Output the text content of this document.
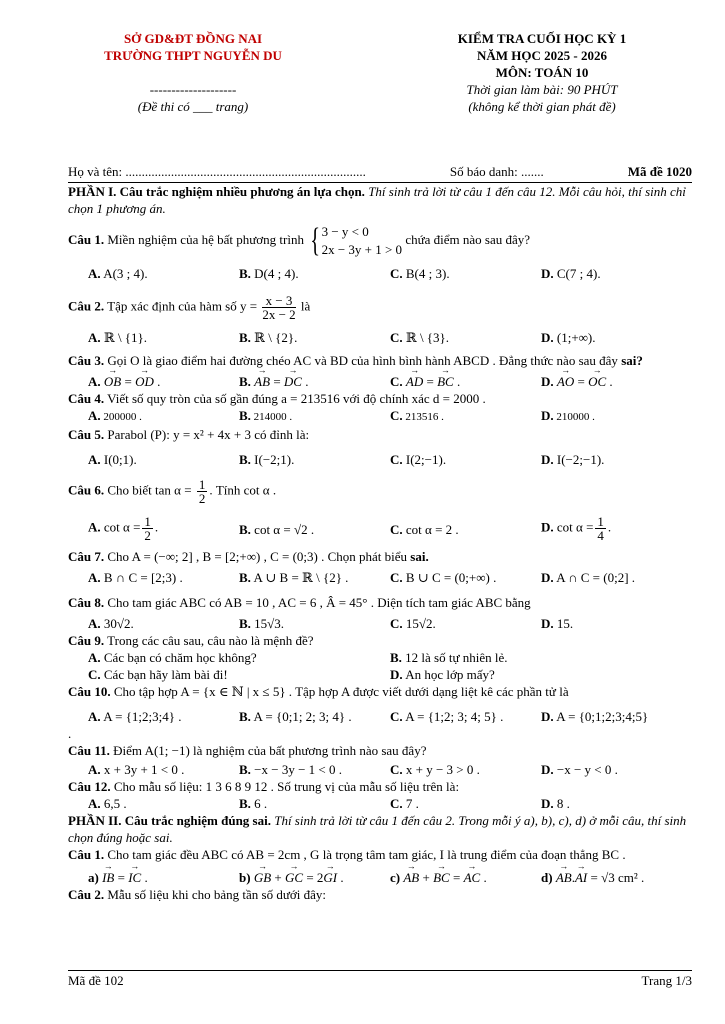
SỞ GD&ĐT ĐỒNG NAI
TRƯỜNG THPT NGUYỄN DU
--------------------
(Đề thi có ___ trang)
KIỂM TRA CUỐI HỌC KỲ 1
NĂM HỌC 2025 - 2026
MÔN: TOÁN 10
Thời gian làm bài: 90 PHÚT
(không kể thời gian phát đề)
Họ và tên: ..........................................................................	Số báo danh: .......	Mã đề 1020
PHẦN I. Câu trắc nghiệm nhiều phương án lựa chọn. Thí sinh trả lời từ câu 1 đến câu 12. Mỗi câu hỏi, thí sinh chỉ chọn 1 phương án.
Câu 1. Miền nghiệm của hệ bất phương trình { 3 − y < 0
2x − 3y + 1 > 0
chứa điểm nào sau đây?
A. A(3 ; 4).	B. D(4 ; 4).	C. B(4 ; 3).	D. C(7 ; 4).
Câu 2. Tập xác định của hàm số $y = \frac{x - 3}{2x - 2}$ là
A. ℝ \ {1}.	B. ℝ \ {2}.	C. ℝ \ {3}.	D. (1;+∞).
Câu 3. Gọi O là giao điểm hai đường chéo AC và BD của hình bình hành ABCD . Đẳng thức nào sau đây sai?
A. → OB = → OD .	B. → AB = → DC .	C. → AD = → BC .	D. → AO = → OC .
Câu 4. Viết số quy tròn của số gần đúng a = 213516 với độ chính xác d = 2000 .
A. 200000 .	B. 214000 .	C. 213516 .	D. 210000 .
Câu 5. Parabol (P): y = x² + 4x + 3 có đỉnh là:
A. I(0;1).	B. I(−2;1).	C. I(2;−1).	D. I(−2;−1).
Câu 6. Cho biết $\tan \alpha = \frac{1}{2}$ . Tính cot α .
A. $\cot \alpha = \frac{1}{2}$ .	B. cot α = √2 .	C. cot α = 2 .	D. $\cot \alpha = \frac{1}{4}$ .
Câu 7. Cho A = (−∞; 2] , B = [2;+∞) , C = (0;3) . Chọn phát biểu sai.
A. B ∩ C = [2;3) .	B. A ∪ B = ℝ \ {2} .	C. B ∪ C = (0;+∞) .	D. A ∩ C = (0;2] .
Câu 8. Cho tam giác ABC có AB = 10 , AC = 6 , Â = 45° . Diện tích tam giác ABC bằng
A. 30√2.	B. 15√3.	C. 15√2.	D. 15.
Câu 9. Trong các câu sau, câu nào là mệnh đề?
A. Các bạn có chăm học không?	B. 12 là số tự nhiên lẻ.
C. Các bạn hãy làm bài đi!	D. An học lớp mấy?
Câu 10. Cho tập hợp A = {x ∈ ℕ | x ≤ 5} . Tập hợp A được viết dưới dạng liệt kê các phần tử là
A. A = {1;2;3;4} .	B. A = {0;1; 2; 3; 4} .	C. A = {1;2; 3; 4; 5} .	D. A = {0;1;2;3;4;5}
.
Câu 11. Điểm A(1; −1) là nghiệm của bất phương trình nào sau đây?
A. x + 3y + 1 < 0 .	B. −x − 3y − 1 < 0 .	C. x + y − 3 > 0 .	D. −x − y < 0 .
Câu 12. Cho mẫu số liệu: 1 3 6 8 9 12 . Số trung vị của mẫu số liệu trên là:
A. 6,5 .	B. 6 .	C. 7 .	D. 8 .
PHẦN II. Câu trắc nghiệm đúng sai. Thí sinh trả lời từ câu 1 đến câu 2. Trong mỗi ý a), b), c), d) ở mỗi câu, thí sinh chọn đúng hoặc sai.
Câu 1. Cho tam giác đều ABC có AB = 2cm , G là trọng tâm tam giác, I là trung điểm của đoạn thẳng BC .
a) → IB = → IC .	b) → GB + → GC = 2→ GI .	c) → AB + → BC = → AC .	d) → AB.→ AI = √3 cm² .
Câu 2. Mẫu số liệu khi cho bảng tần số dưới đây:
Mã đề 102	Trang 1/3
